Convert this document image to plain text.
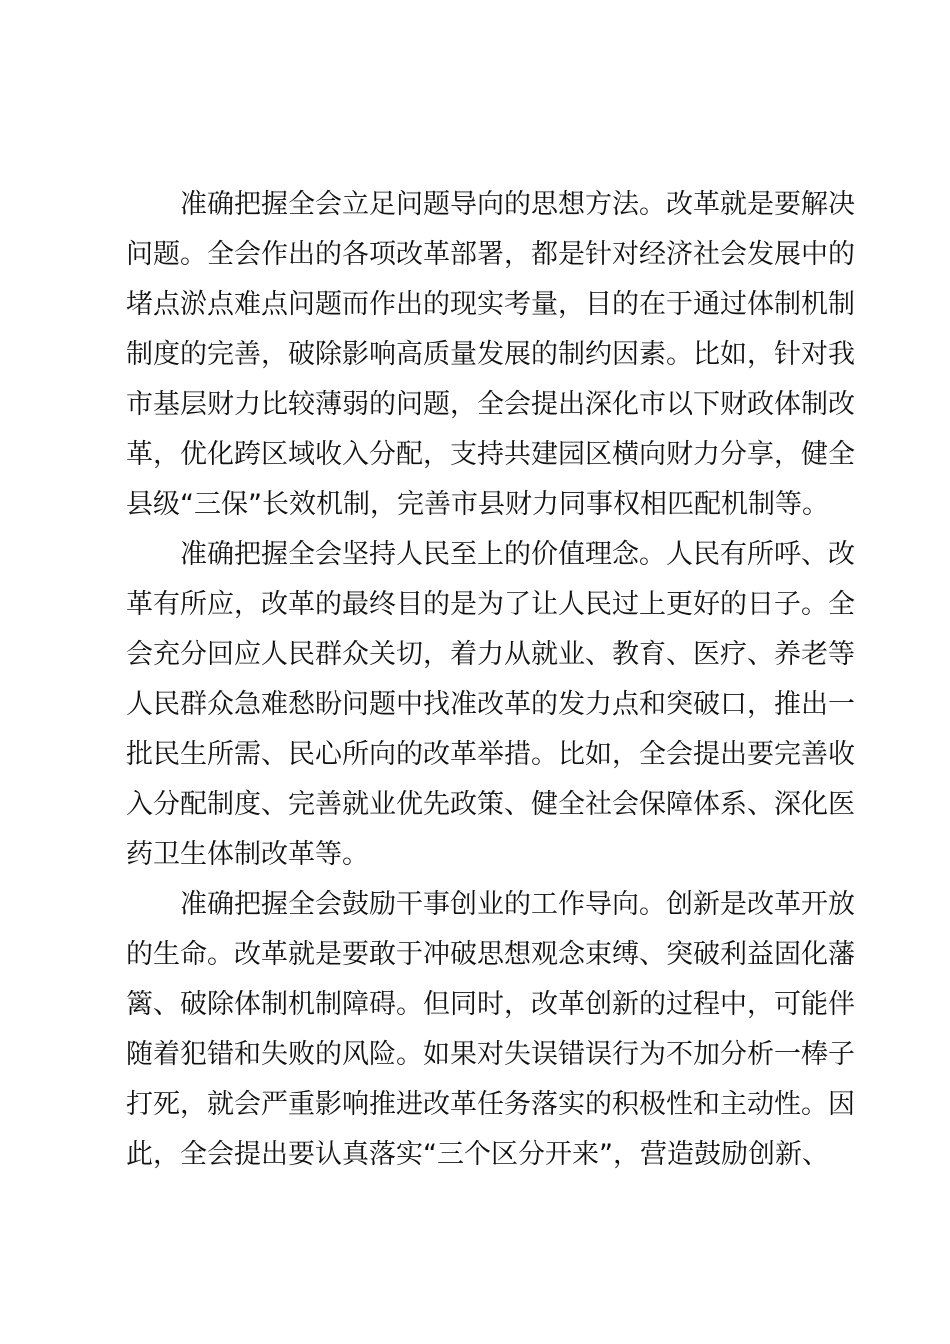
准确把握全会立足问题导向的思想方法。改革就是要解决
问题。全会作出的各项改革部署，都是针对经济社会发展中的
堵点淤点难点问题而作出的现实考量，目的在于通过体制机制
制度的完善，破除影响高质量发展的制约因素。比如，针对我
市基层财力比较薄弱的问题，全会提出深化市以下财政体制改
革，优化跨区域收入分配，支持共建园区横向财力分享，健全
县级“三保”长效机制，完善市县财力同事权相匹配机制等。
准确把握全会坚持人民至上的价值理念。人民有所呼、改
革有所应，改革的最终目的是为了让人民过上更好的日子。全
会充分回应人民群众关切，着力从就业、教育、医疗、养老等
人民群众急难愁盼问题中找准改革的发力点和突破口，推出一
批民生所需、民心所向的改革举措。比如，全会提出要完善收
入分配制度、完善就业优先政策、健全社会保障体系、深化医
药卫生体制改革等。
准确把握全会鼓励干事创业的工作导向。创新是改革开放
的生命。改革就是要敢于冲破思想观念束缚、突破利益固化藩
篱、破除体制机制障碍。但同时，改革创新的过程中，可能伴
随着犯错和失败的风险。如果对失误错误行为不加分析一棒子
打死，就会严重影响推进改革任务落实的积极性和主动性。因
此，全会提出要认真落实“三个区分开来”，营造鼓励创新、
